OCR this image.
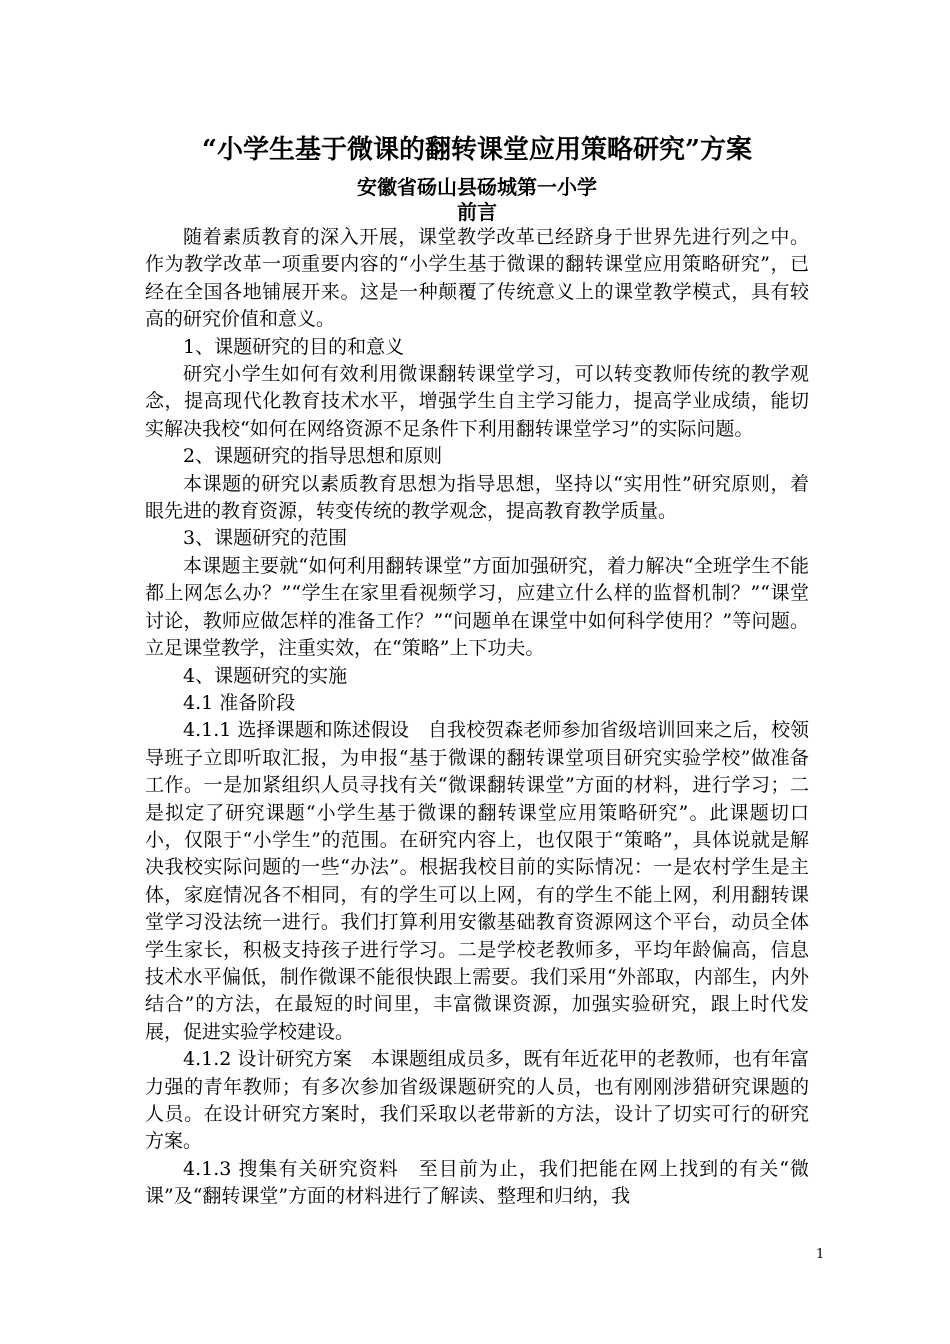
“小学生基于微课的翻转课堂应用策略研究”方案
安徽省砀山县砀城第一小学
前言

随着素质教育的深入开展，课堂教学改革已经跻身于世界先进行列之中。作为教学改革一项重要内容的“小学生基于微课的翻转课堂应用策略研究”，已经在全国各地铺展开来。这是一种颠覆了传统意义上的课堂教学模式，具有较高的研究价值和意义。

1、课题研究的目的和意义

研究小学生如何有效利用微课翻转课堂学习，可以转变教师传统的教学观念，提高现代化教育技术水平，增强学生自主学习能力，提高学业成绩，能切实解决我校“如何在网络资源不足条件下利用翻转课堂学习”的实际问题。

2、课题研究的指导思想和原则

本课题的研究以素质教育思想为指导思想，坚持以“实用性”研究原则，着眼先进的教育资源，转变传统的教学观念，提高教育教学质量。

3、课题研究的范围

本课题主要就“如何利用翻转课堂”方面加强研究，着力解决“全班学生不能都上网怎么办？”“学生在家里看视频学习，应建立什么样的监督机制？”“课堂讨论，教师应做怎样的准备工作？”“问题单在课堂中如何科学使用？”等问题。立足课堂教学，注重实效，在“策略”上下功夫。

4、课题研究的实施

4.1 准备阶段

4.1.1 选择课题和陈述假设　自我校贺森老师参加省级培训回来之后，校领导班子立即听取汇报，为申报“基于微课的翻转课堂项目研究实验学校”做准备工作。一是加紧组织人员寻找有关“微课翻转课堂”方面的材料，进行学习；二是拟定了研究课题“小学生基于微课的翻转课堂应用策略研究”。此课题切口小，仅限于“小学生”的范围。在研究内容上，也仅限于“策略”，具体说就是解决我校实际问题的一些“办法”。根据我校目前的实际情况：一是农村学生是主体，家庭情况各不相同，有的学生可以上网，有的学生不能上网，利用翻转课堂学习没法统一进行。我们打算利用安徽基础教育资源网这个平台，动员全体学生家长，积极支持孩子进行学习。二是学校老教师多，平均年龄偏高，信息技术水平偏低，制作微课不能很快跟上需要。我们采用“外部取，内部生，内外结合”的方法，在最短的时间里，丰富微课资源，加强实验研究，跟上时代发展，促进实验学校建设。

4.1.2 设计研究方案　本课题组成员多，既有年近花甲的老教师，也有年富力强的青年教师；有多次参加省级课题研究的人员，也有刚刚涉猎研究课题的人员。在设计研究方案时，我们采取以老带新的方法，设计了切实可行的研究方案。

4.1.3 搜集有关研究资料　至目前为止，我们把能在网上找到的有关“微课”及“翻转课堂”方面的材料进行了解读、整理和归纳，我

1
